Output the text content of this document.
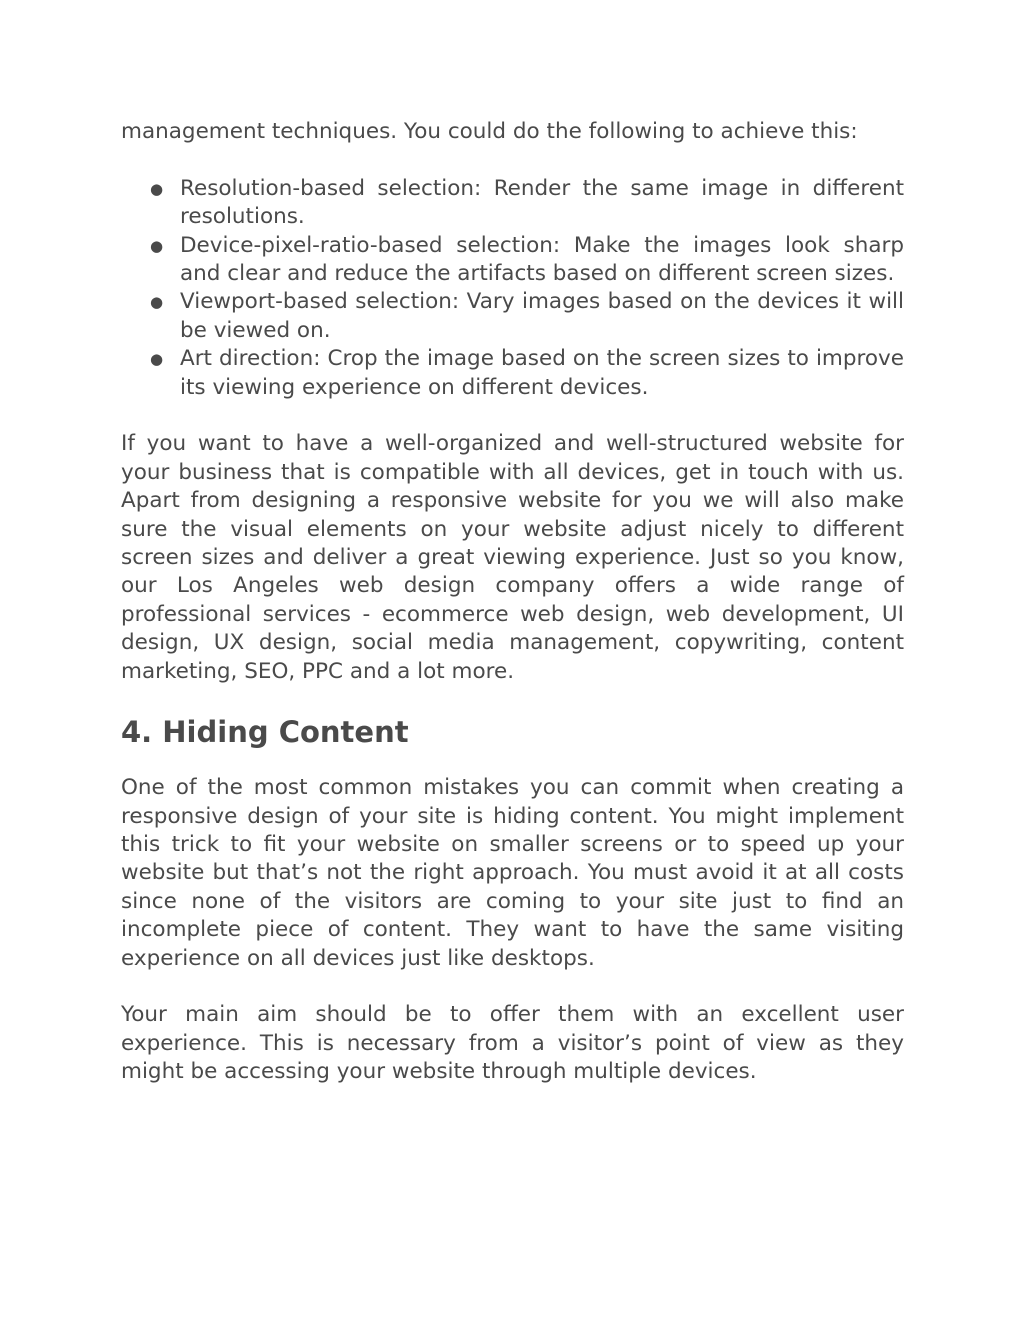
management techniques. You could do the following to achieve this:

● Resolution-based selection: Render the same image in different resolutions.
● Device-pixel-ratio-based selection: Make the images look sharp and clear and reduce the artifacts based on different screen sizes.
● Viewport-based selection: Vary images based on the devices it will be viewed on.
● Art direction: Crop the image based on the screen sizes to improve its viewing experience on different devices.

If you want to have a well-organized and well-structured website for your business that is compatible with all devices, get in touch with us. Apart from designing a responsive website for you we will also make sure the visual elements on your website adjust nicely to different screen sizes and deliver a great viewing experience. Just so you know, our Los Angeles web design company offers a wide range of professional services - ecommerce web design, web development, UI design, UX design, social media management, copywriting, content marketing, SEO, PPC and a lot more.

4. Hiding Content

One of the most common mistakes you can commit when creating a responsive design of your site is hiding content. You might implement this trick to fit your website on smaller screens or to speed up your website but that’s not the right approach. You must avoid it at all costs since none of the visitors are coming to your site just to find an incomplete piece of content. They want to have the same visiting experience on all devices just like desktops.

Your main aim should be to offer them with an excellent user experience. This is necessary from a visitor’s point of view as they might be accessing your website through multiple devices.
